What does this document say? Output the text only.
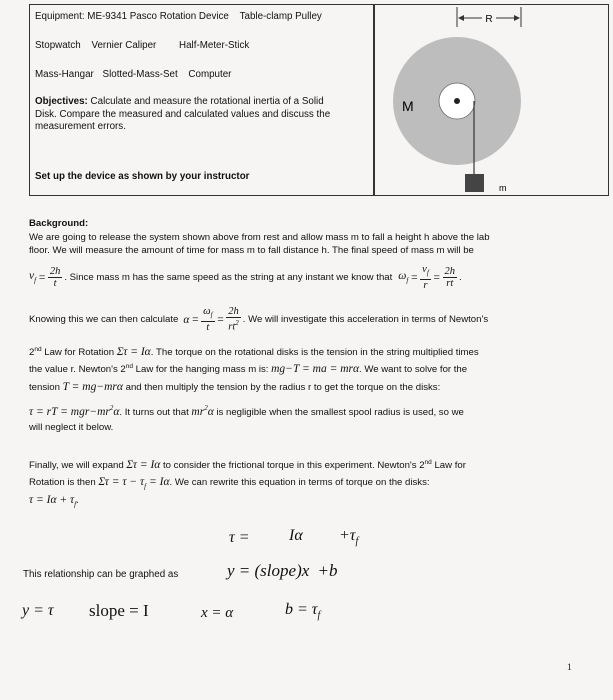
Equipment: ME-9341 Pasco Rotation Device Table-clamp Pulley
Stopwatch Vernier Caliper Half-Meter-Stick
Mass-Hangar Slotted-Mass-Set Computer
Objectives: Calculate and measure the rotational inertia of a Solid
Disk. Compare the measured and calculated values and discuss the
measurement errors.
Set up the device as shown by your instructor
R
M
m
Background:
We are going to release the system shown above from rest and allow mass m to fall a height h above the lab
floor. We will measure the amount of time for mass m to fall distance h. The final speed of mass m will be
$v_f = \frac{2h}{t}$ . Since mass m has the same speed as the string at any instant we know that $\omega_f = \frac{v_f}{r} = \frac{2h}{rt}$ .
Knowing this we can then calculate $\alpha = \frac{\omega_f}{t} = \frac{2h}{rt^2}$ . We will investigate this acceleration in terms of Newton's
2nd Law for Rotation Στ = Iα. The torque on the rotational disks is the tension in the string multiplied times
the value r. Newton's 2nd Law for the hanging mass m is: mg−T = ma = mrα. We want to solve for the
tension T = mg−mrα and then multiply the tension by the radius r to get the torque on the disks:
τ = rT = $mgr-mr^2\alpha$. It turns out that $mr^2\alpha$ is negligible when the smallest spool radius is used, so we
will neglect it below.
Finally, we will expand Στ = Iα to consider the frictional torque in this experiment. Newton's 2nd Law for
Rotation is then $\Sigma\tau = \tau - \tau_f = I\alpha$. We can rewrite this equation in terms of torque on the disks:
$\tau = I\alpha + \tau_f$.
$\tau = I\alpha +\tau_f$
This relationship can be graphed as	y = (slope)x +b
y = τ slope = I	x = α	$b = \tau_f$
1
